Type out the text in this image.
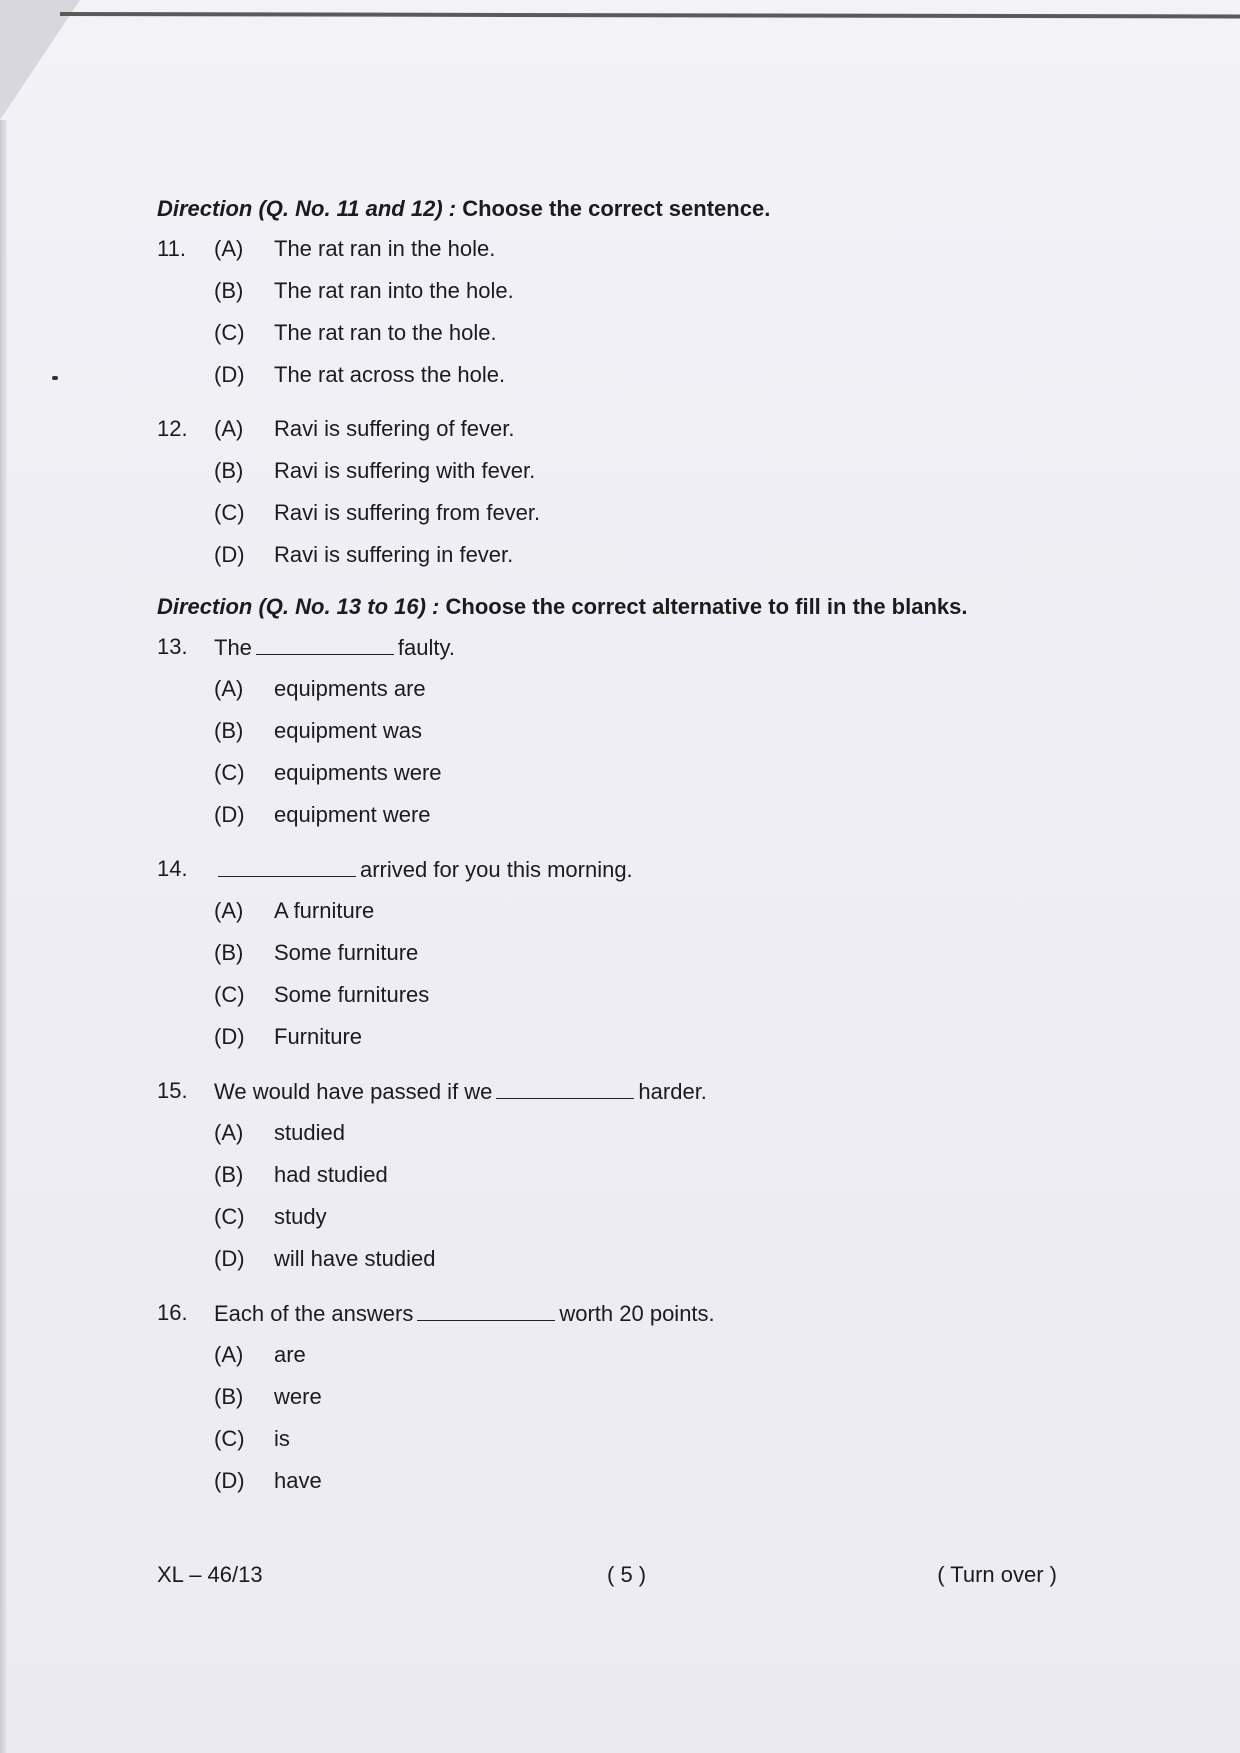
Direction (Q. No. 11 and 12) : Choose the correct sentence.
11.	(A)	The rat ran in the hole.
(B)	The rat ran into the hole.
(C)	The rat ran to the hole.
(D)	The rat across the hole.
12.	(A)	Ravi is suffering of fever.
(B)	Ravi is suffering with fever.
(C)	Ravi is suffering from fever.
(D)	Ravi is suffering in fever.
Direction (Q. No. 13 to 16) : Choose the correct alternative to fill in the blanks.
13.	The	faulty.
(A)	equipments are
(B)	equipment was
(C)	equipments were
(D)	equipment were
14.	arrived for you this morning.
(A)	A furniture
(B)	Some furniture
(C)	Some furnitures
(D)	Furniture
15.	We would have passed if we	harder.
(A)	studied
(B)	had studied
(C)	study
(D)	will have studied
16.	Each of the answers	worth 20 points.
(A)	are
(B)	were
(C)	is
(D)	have
XL – 46/13	( 5 )	( Turn over )
